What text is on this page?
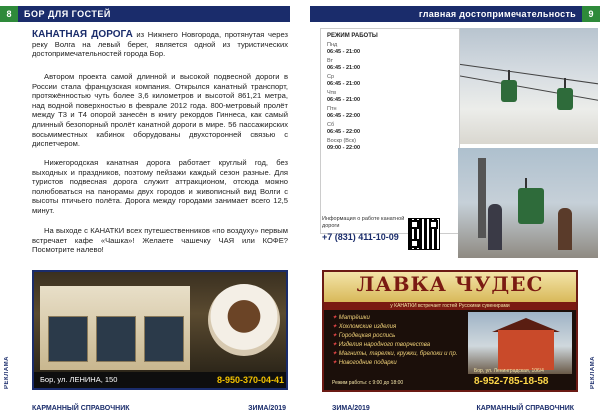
8 БОР ДЛЯ ГОСТЕЙ
КАНАТНАЯ ДОРОГА из Нижнего Новгорода, протянутая через реку Волга на левый берег, является одной из туристических достопримечательностей города Бор.
Автором проекта самой длинной и высокой подвесной дороги в России стала французская компания. Открылся канатный транспорт, протяжённостью чуть более 3,6 километров и высотой 861,21 метра, над водной поверхностью в феврале 2012 года. 800-метровый пролёт между Т3 и Т4 опорой занесён в книгу рекордов Гиннеса, как самый длинный безопорный пролёт канатной дороги в мире. 56 пассажирских восьмиместных кабинок оборудованы двухсторонней связью с диспетчером.
Нижегородская канатная дорога работает круглый год, без выходных и праздников, поэтому пейзажи каждый сезон разные. Для туристов подвесная дорога служит аттракционом, отсюда можно полюбоваться на панорамы двух городов и живописный вид Волги с высоты птичьего полёта. Дорога между городами занимает всего 12,5 минут.
На выходе с КАНАТКИ всех путешественников «по воздуху» первым встречает кафе «Чашка»! Желаете чашечку ЧАЯ или КОФЕ? Посмотрите налево!
Бор, ул. ЛЕНИНА, 150	8-950-370-04-41
РЕКЛАМА
КАРМАННЫЙ СПРАВОЧНИК	ЗИМА/2019
главная достопримечательность	9
РЕЖИМ РАБОТЫ
Пнд
06:45 - 21:00
Вт
06:45 - 21:00
Ср
06:45 - 21:00
Чтв
06:45 - 21:00
Птн
06:45 - 22:00
Сб
06:45 - 22:00
Воскр (Вск)
09:00 - 22:00
Информация о работе канатной дороги
+7 (831) 411-10-09
ЛАВКА ЧУДЕС
у КАНАТКИ встречает гостей Русскими сувенирами
✦ Матрёшки
✦ Хохломские изделия
✦ Городецкая роспись
✦ Изделия народного творчества
✦ Магниты, тарелки, кружки, брелоки и пр.
✦ Новогодние подарки
Бор, ул. Ленинградская, 106/4
8-952-785-18-58
Режим работы: с 9:00 до 18:00	РЕКЛАМА
ЗИМА/2019	КАРМАННЫЙ СПРАВОЧНИК
